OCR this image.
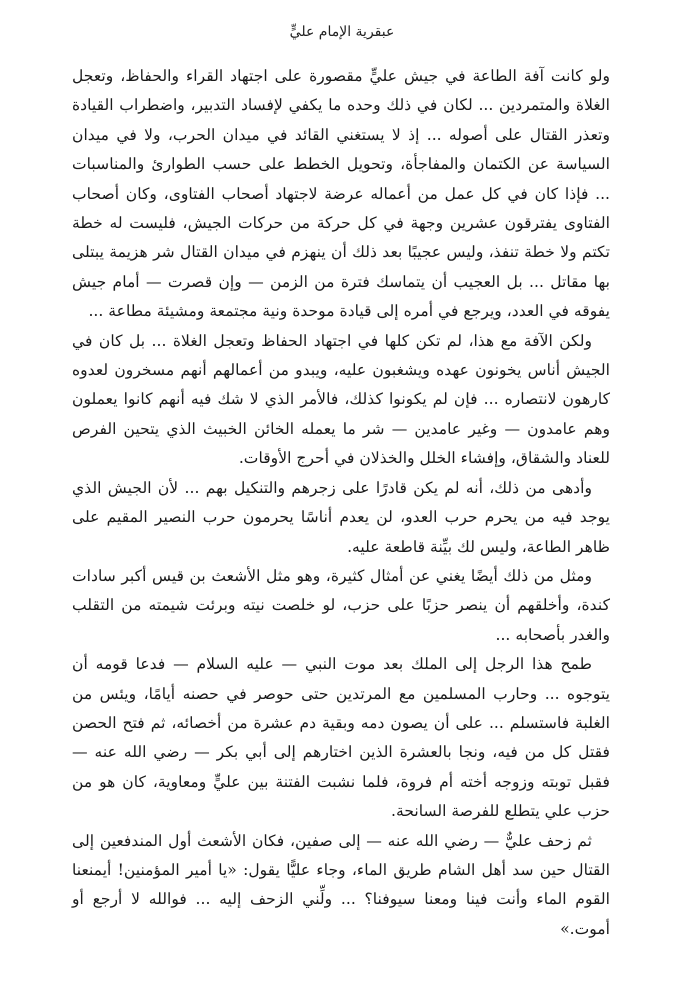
عبقرية الإمام عليٍّ

ولو كانت آفة الطاعة في جيش عليٍّ مقصورة على اجتهاد القراء والحفاظ، وتعجل الغلاة والمتمردين ... لكان في ذلك وحده ما يكفي لإفساد التدبير، واضطراب القيادة وتعذر القتال على أصوله ... إذ لا يستغني القائد في ميدان الحرب، ولا في ميدان السياسة عن الكتمان والمفاجأة، وتحويل الخطط على حسب الطوارئ والمناسبات ... فإذا كان في كل عمل من أعماله عرضة لاجتهاد أصحاب الفتاوى، وكان أصحاب الفتاوى يفترقون عشرين وجهة في كل حركة من حركات الجيش، فليست له خطة تكتم ولا خطة تنفذ، وليس عجيبًا بعد ذلك أن ينهزم في ميدان القتال شر هزيمة يبتلى بها مقاتل ... بل العجيب أن يتماسك فترة من الزمن — وإن قصرت — أمام جيش يفوقه في العدد، ويرجع في أمره إلى قيادة موحدة ونية مجتمعة ومشيئة مطاعة ...

ولكن الآفة مع هذا، لم تكن كلها في اجتهاد الحفاظ وتعجل الغلاة ... بل كان في الجيش أناس يخونون عهده ويشغبون عليه، ويبدو من أعمالهم أنهم مسخرون لعدوه كارهون لانتصاره ... فإن لم يكونوا كذلك، فالأمر الذي لا شك فيه أنهم كانوا يعملون وهم عامدون — وغير عامدين — شر ما يعمله الخائن الخبيث الذي يتحين الفرص للعناد والشقاق، وإفشاء الخلل والخذلان في أحرج الأوقات.

وأدهى من ذلك، أنه لم يكن قادرًا على زجرهم والتنكيل بهم ... لأن الجيش الذي يوجد فيه من يحرم حرب العدو، لن يعدم أناسًا يحرمون حرب النصير المقيم على ظاهر الطاعة، وليس لك بيِّنة قاطعة عليه.

ومثل من ذلك أيضًا يغني عن أمثال كثيرة، وهو مثل الأشعث بن قيس أكبر سادات كندة، وأخلقهم أن ينصر حزبًا على حزب، لو خلصت نيته وبرئت شيمته من التقلب والغدر بأصحابه ...

طمح هذا الرجل إلى الملك بعد موت النبي — عليه السلام — فدعا قومه أن يتوجوه ... وحارب المسلمين مع المرتدين حتى حوصر في حصنه أيامًا، ويئس من الغلبة فاستسلم ... على أن يصون دمه وبقية دم عشرة من أخصائه، ثم فتح الحصن فقتل كل من فيه، ونجا بالعشرة الذين اختارهم إلى أبي بكر — رضي الله عنه — فقبل توبته وزوجه أخته أم فروة، فلما نشبت الفتنة بين عليٍّ ومعاوية، كان هو من حزب علي يتطلع للفرصة السانحة.

ثم زحف عليٌّ — رضي الله عنه — إلى صفين، فكان الأشعث أول المندفعين إلى القتال حين سد أهل الشام طريق الماء، وجاء عليًّا يقول: «يا أمير المؤمنين! أيمنعنا القوم الماء وأنت فينا ومعنا سيوفنا؟ ... ولِّني الزحف إليه ... فوالله لا أرجع أو أموت.»
